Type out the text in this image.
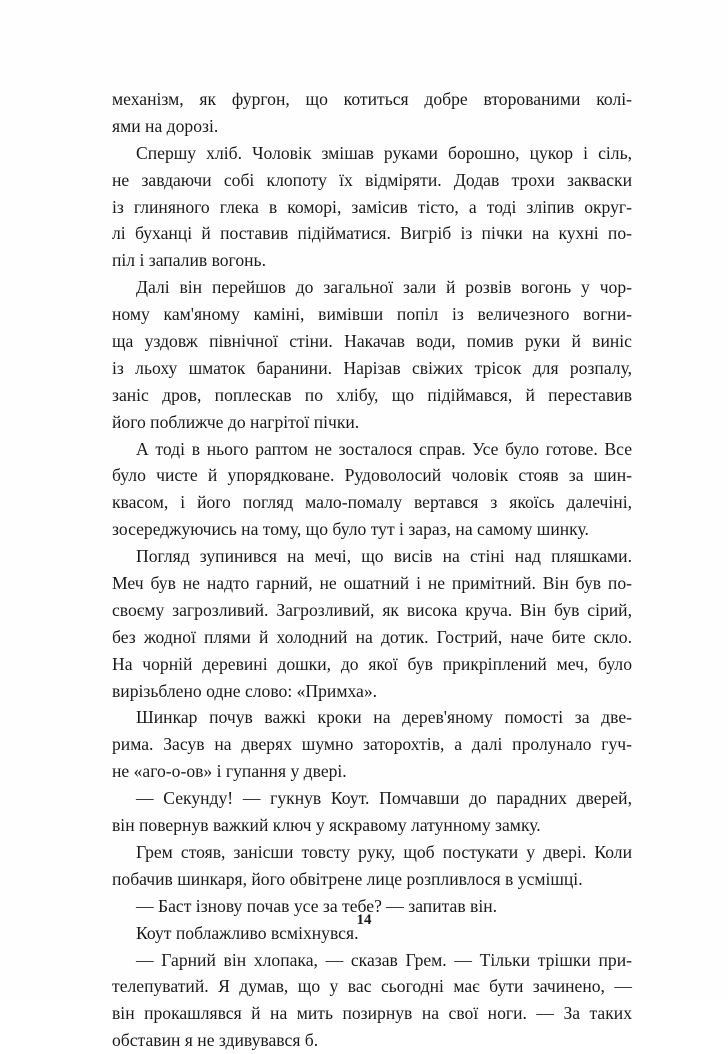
механізм, як фургон, що котиться добре второваними колі-
ями на дорозі.
Спершу хліб. Чоловік змішав руками борошно, цукор і сіль,
не завдаючи собі клопоту їх відміряти. Додав трохи закваски
із глиняного глека в коморі, замісив тісто, а тоді зліпив округ-
лі буханці й поставив підійматися. Вигріб із пічки на кухні по-
піл і запалив вогонь.
Далі він перейшов до загальної зали й розвів вогонь у чор-
ному кам'яному каміні, вимівши попіл із величезного вогни-
ща уздовж північної стіни. Накачав води, помив руки й виніс
із льоху шматок баранини. Нарізав свіжих трісок для розпалу,
заніс дров, поплескав по хлібу, що підіймався, й переставив
його поближче до нагрітої пічки.
А тоді в нього раптом не зосталося справ. Усе було готове. Все
було чисте й упорядковане. Рудоволосий чоловік стояв за шин-
квасом, і його погляд мало-помалу вертався з якоїсь далечіні,
зосереджуючись на тому, що було тут і зараз, на самому шинку.
Погляд зупинився на мечі, що висів на стіні над пляшками.
Меч був не надто гарний, не ошатний і не примітний. Він був по-
своєму загрозливий. Загрозливий, як висока круча. Він був сірий,
без жодної плями й холодний на дотик. Гострий, наче бите скло.
На чорній деревині дошки, до якої був прикріплений меч, було
вирізьблено одне слово: «Примха».
Шинкар почув важкі кроки на дерев'яному помості за две-
рима. Засув на дверях шумно заторохтів, а далі пролунало гуч-
не «аго-о-ов» і гупання у двері.
— Секунду! — гукнув Коут. Помчавши до парадних дверей,
він повернув важкий ключ у яскравому латунному замку.
Грем стояв, занісши товсту руку, щоб постукати у двері. Коли
побачив шинкаря, його обвітрене лице розпливлося в усмішці.
— Баст ізнову почав усе за тебе? — запитав він.
Коут поблажливо всміхнувся.
— Гарний він хлопака, — сказав Грем. — Тільки трішки при-
телепуватий. Я думав, що у вас сьогодні має бути зачинено, —
він прокашлявся й на мить позирнув на свої ноги. — За таких
обставин я не здивувався б.
14
